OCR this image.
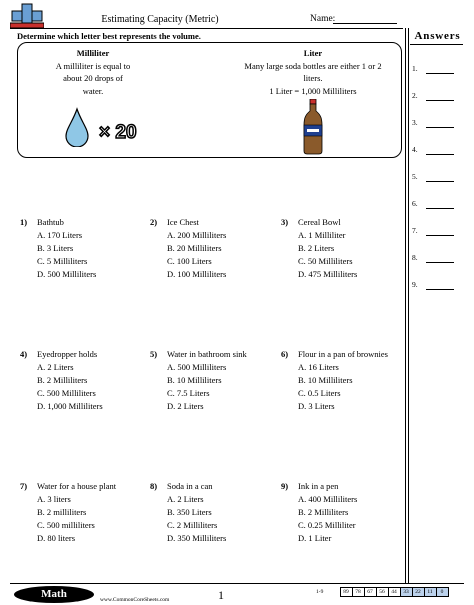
Estimating Capacity (Metric)	Name:
Determine which letter best represents the volume.
Milliliter
A milliliter is equal to
about 20 drops of
water.
× 20
Liter
Many large soda bottles are either 1 or 2
liters.
1 Liter = 1,000 Milliliters
Answers
1.
2.
3.
4.
5.
6.
7.
8.
9.
1) Bathtub
A. 170 Liters
B. 3 Liters
C. 5 Milliliters
D. 500 Milliliters
2) Ice Chest
A. 200 Milliliters
B. 20 Milliliters
C. 100 Liters
D. 100 Milliliters
3) Cereal Bowl
A. 1 Milliliter
B. 2 Liters
C. 50 Milliliters
D. 475 Milliliters
4) Eyedropper holds
A. 2 Liters
B. 2 Milliliters
C. 500 Milliliters
D. 1,000 Milliliters
5) Water in bathroom sink
A. 500 Milliliters
B. 10 Milliliters
C. 7.5 Liters
D. 2 Liters
6) Flour in a pan of brownies
A. 16 Liters
B. 10 Milliliters
C. 0.5 Liters
D. 3 Liters
7) Water for a house plant
A. 3 liters
B. 2 milliliters
C. 500 milliliters
D. 80 liters
8) Soda in a can
A. 2 Liters
B. 350 Liters
C. 2 Milliliters
D. 350 Milliliters
9) Ink in a pen
A. 400 Milliliters
B. 2 Milliliters
C. 0.25 Milliliter
D. 1 Liter
Math	www.CommonCoreSheets.com	1	1-9	89	78	67	56	44	33	22	11	0
